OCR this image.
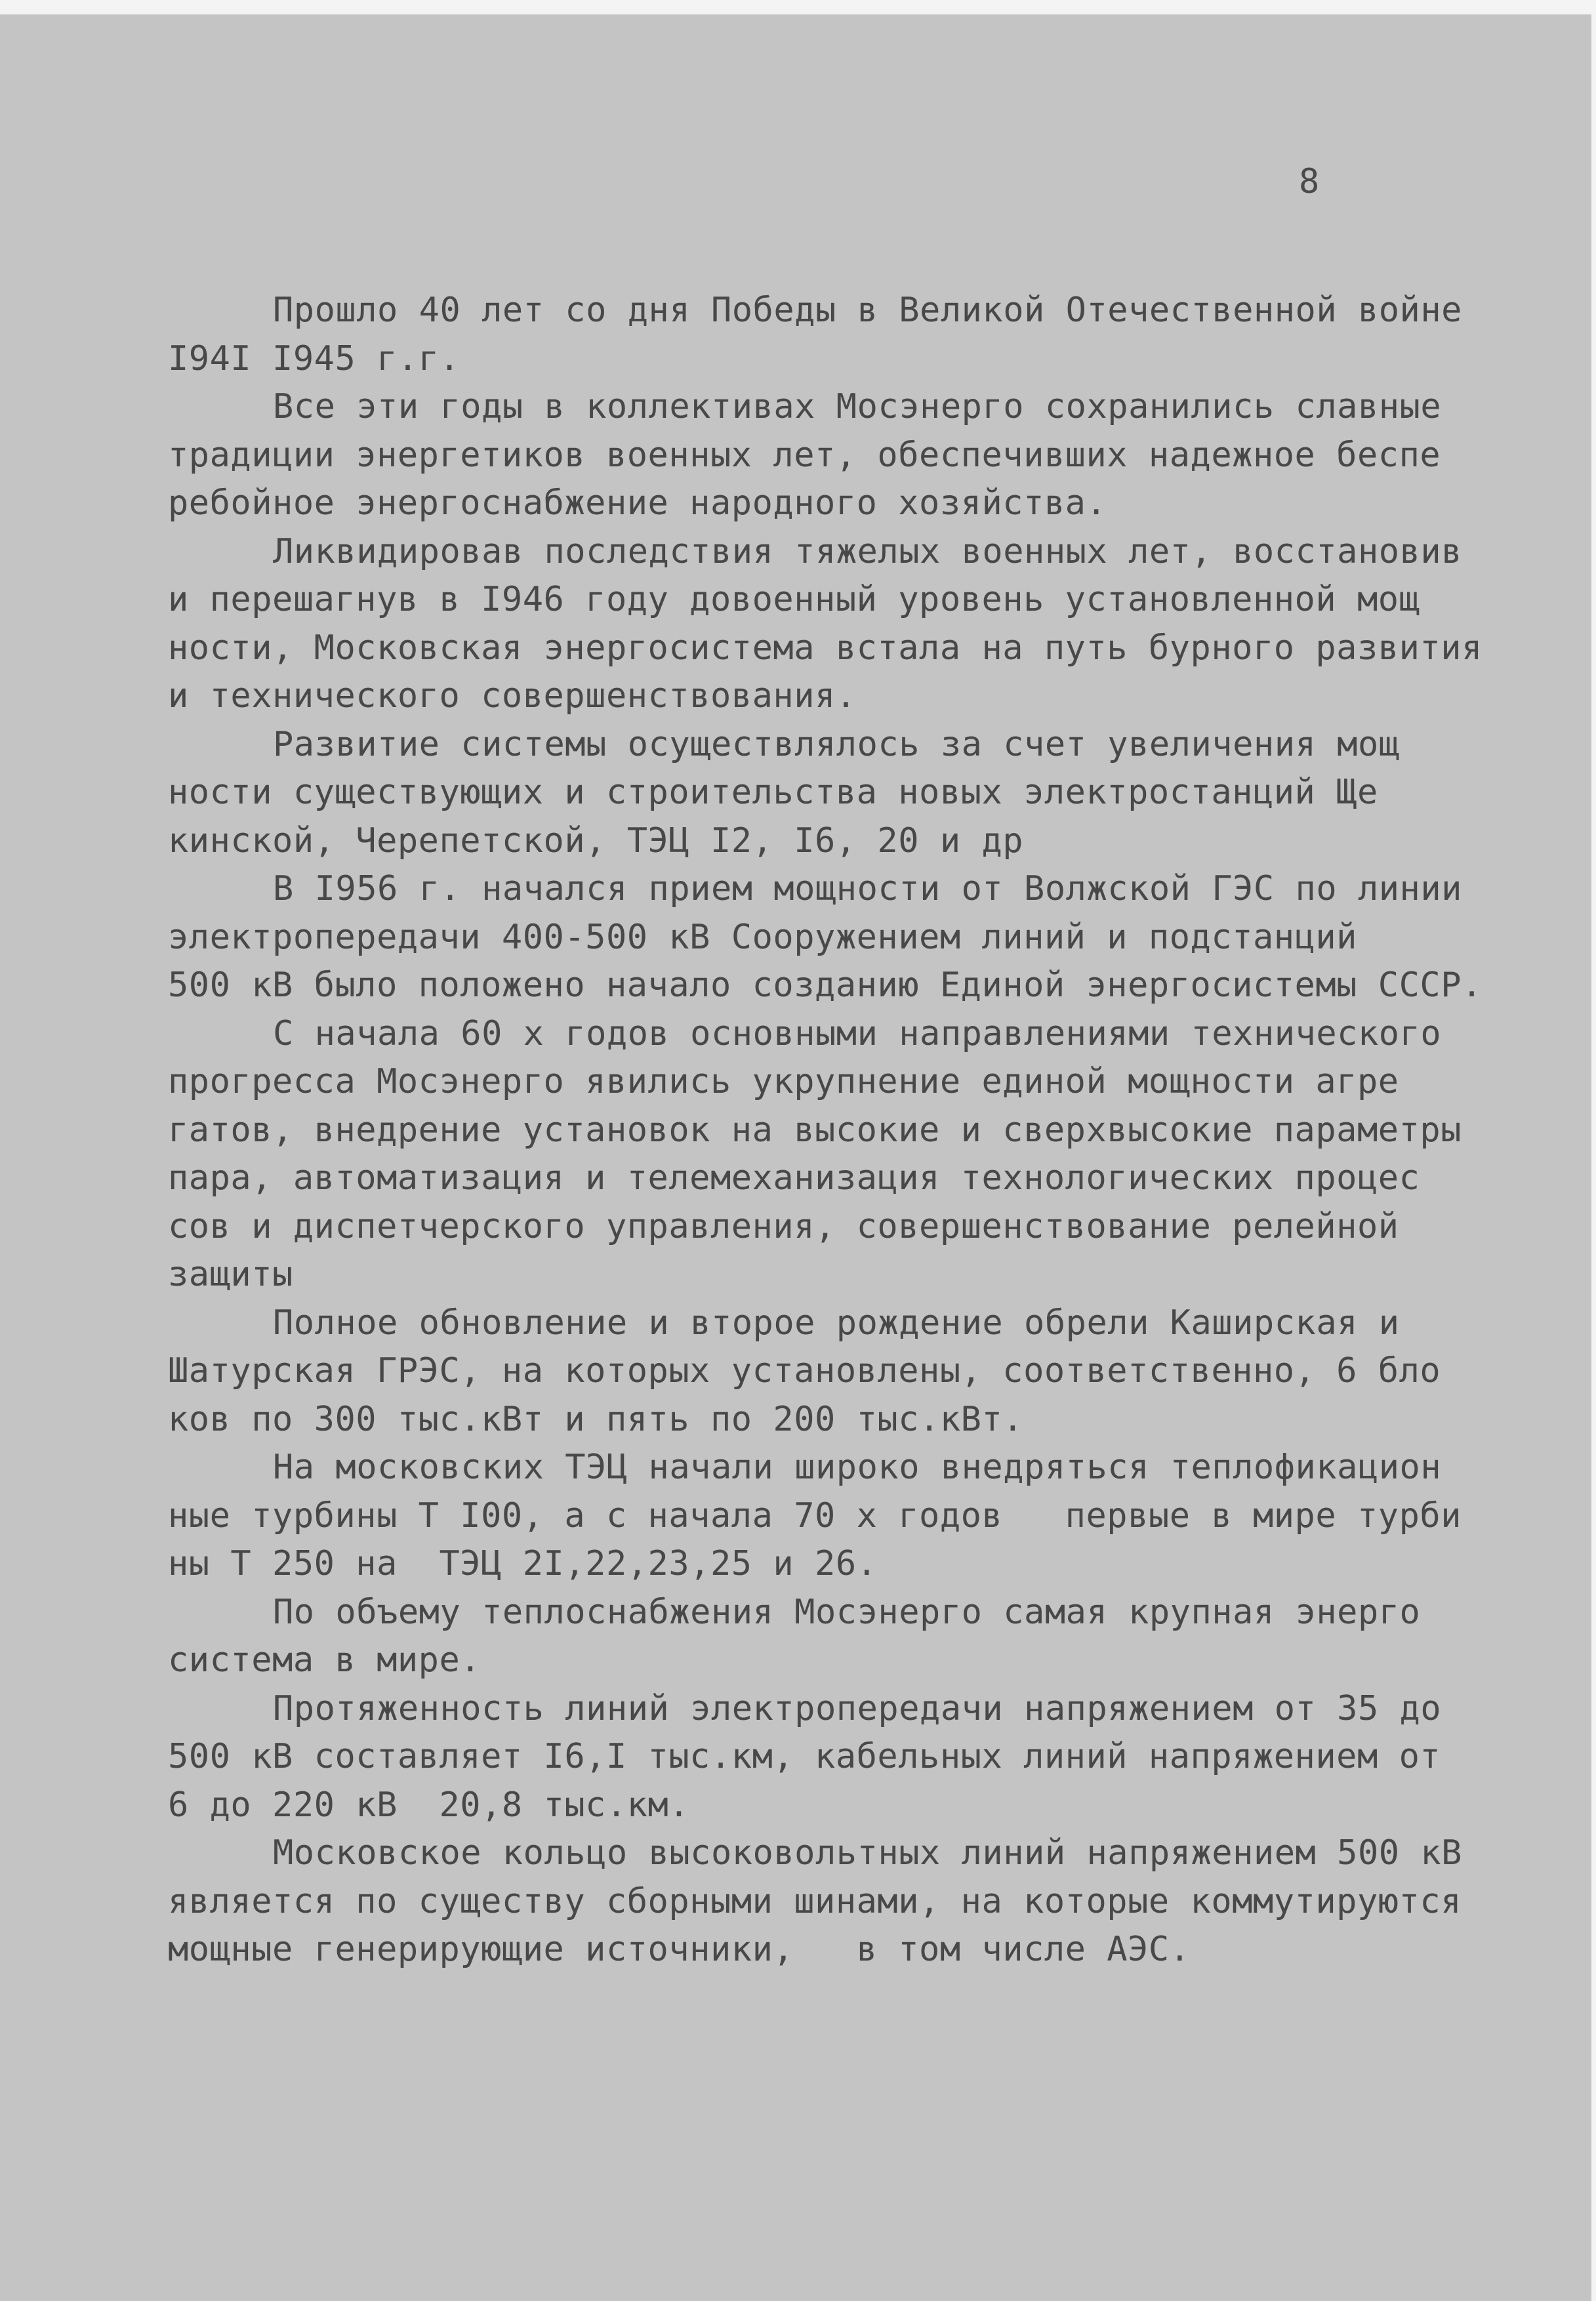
8
Прошло 40 лет со дня Победы в Великой Отечественной войне
I94I I945 г.г.
Все эти годы в коллективах Мосэнерго сохранились славные
традиции энергетиков военных лет, обеспечивших надежное беспе
ребойное энергоснабжение народного хозяйства.
Ликвидировав последствия тяжелых военных лет, восстановив
и перешагнув в I946 году довоенный уровень установленной мощ
ности, Московская энергосистема встала на путь бурного развития
и технического совершенствования.
Развитие системы осуществлялось за счет увеличения мощ
ности существующих и строительства новых электростанций Ще
кинской, Черепетской, ТЭЦ I2, I6, 20 и др
В I956 г. начался прием мощности от Волжской ГЭС по линии
электропередачи 400-500 кВ Сооружением линий и подстанций
500 кВ было положено начало созданию Единой энергосистемы СССР.
С начала 60 х годов основными направлениями технического
прогресса Мосэнерго явились укрупнение единой мощности агре
гатов, внедрение установок на высокие и сверхвысокие параметры
пара, автоматизация и телемеханизация технологических процес
сов и диспетчерского управления, совершенствование релейной
защиты
Полное обновление и второе рождение обрели Каширская и
Шатурская ГРЭС, на которых установлены, соответственно, 6 бло
ков по 300 тыс.кВт и пять по 200 тыс.кВт.
На московских ТЭЦ начали широко внедряться теплофикацион
ные турбины Т I00, а с начала 70 х годов   первые в мире турби
ны Т 250 на  ТЭЦ 2I,22,23,25 и 26.
По объему теплоснабжения Мосэнерго самая крупная энерго
система в мире.
Протяженность линий электропередачи напряжением от 35 до
500 кВ составляет I6,I тыс.км, кабельных линий напряжением от
6 до 220 кВ  20,8 тыс.км.
Московское кольцо высоковольтных линий напряжением 500 кВ
является по существу сборными шинами, на которые коммутируются
мощные генерирующие источники,   в том числе АЭС.
